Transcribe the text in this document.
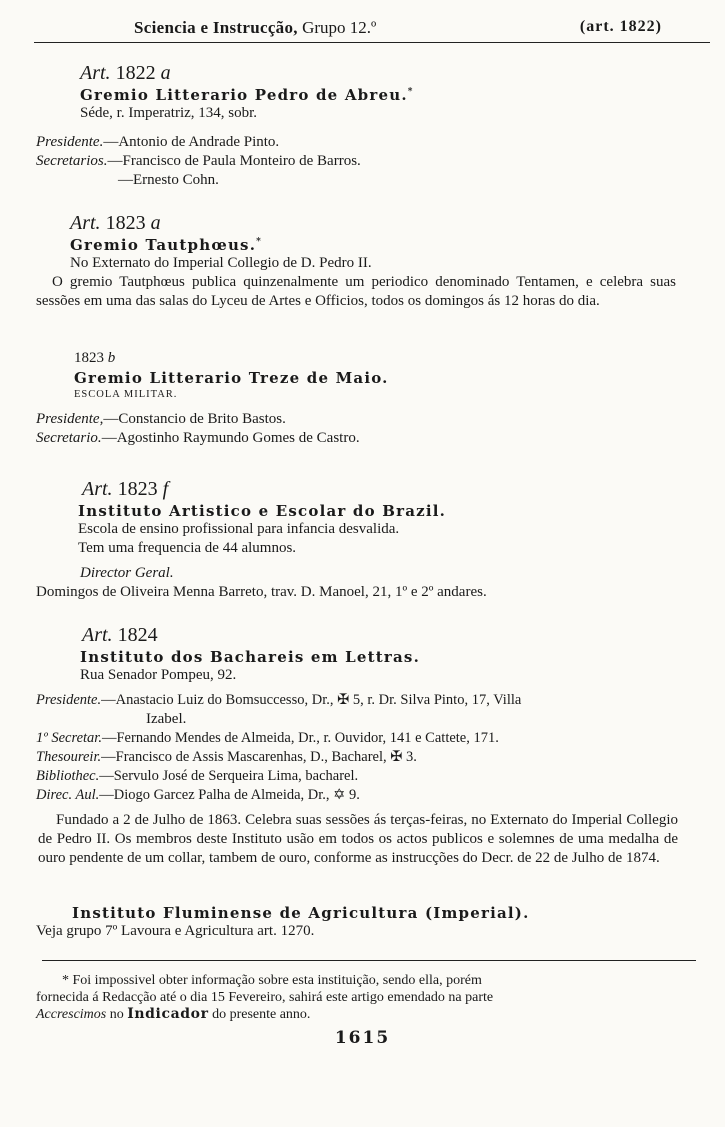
Sciencia e Instrucção, Grupo 12.º	(art. 1822)
Art. 1822 a
Gremio Litterario Pedro de Abreu.*
Séde, r. Imperatriz, 134, sobr.
Presidente.—Antonio de Andrade Pinto.
Secretarios.—Francisco de Paula Monteiro de Barros.
—Ernesto Cohn.
Art. 1823 a
Gremio Tautphœus.*
No Externato do Imperial Collegio de D. Pedro II.
O gremio Tautphœus publica quinzenalmente um periodico denominado Tentamen, e celebra suas sessões em uma das salas do Lyceu de Artes e Officios, todos os domingos ás 12 horas do dia.
1823 b
Gremio Litterario Treze de Maio.
ESCOLA MILITAR.
Presidente,—Constancio de Brito Bastos.
Secretario.—Agostinho Raymundo Gomes de Castro.
Art. 1823 f
Instituto Artistico e Escolar do Brazil.
Escola de ensino profissional para infancia desvalida.
Tem uma frequencia de 44 alumnos.
Director Geral.
Domingos de Oliveira Menna Barreto, trav. D. Manoel, 21, 1º e 2º andares.
Art. 1824
Instituto dos Bachareis em Lettras.
Rua Senador Pompeu, 92.
Presidente.—Anastacio Luiz do Bomsuccesso, Dr., ✠ 5, r. Dr. Silva Pinto, 17, Villa
Izabel.
1º Secretar.—Fernando Mendes de Almeida, Dr., r. Ouvidor, 141 e Cattete, 171.
Thesoureir.—Francisco de Assis Mascarenhas, D., Bacharel, ✠ 3.
Bibliothec.—Servulo José de Serqueira Lima, bacharel.
Direc. Aul.—Diogo Garcez Palha de Almeida, Dr., ✡ 9.
Fundado a 2 de Julho de 1863. Celebra suas sessões ás terças-feiras, no Externato do Imperial Collegio de Pedro II. Os membros deste Instituto usão em todos os actos publicos e solemnes de uma medalha de ouro pendente de um collar, tambem de ouro, conforme as instrucções do Decr. de 22 de Julho de 1874.
Instituto Fluminense de Agricultura (Imperial).
Veja grupo 7º Lavoura e Agricultura art. 1270.
* Foi impossivel obter informação sobre esta instituição, sendo ella, porém
fornecida á Redacção até o dia 15 Fevereiro, sahirá este artigo emendado na parte
Accrescimos no Indicador do presente anno.
1615
